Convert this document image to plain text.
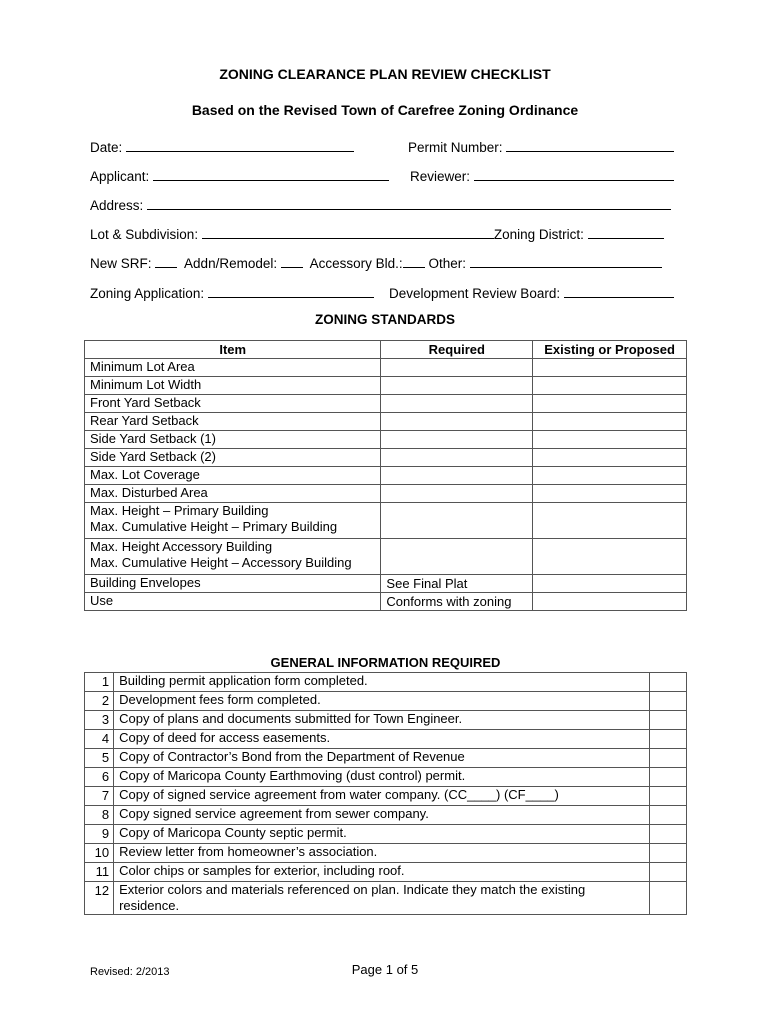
ZONING CLEARANCE PLAN REVIEW CHECKLIST
Based on the Revised Town of Carefree Zoning Ordinance
Date:	Permit Number:
Applicant:	Reviewer:
Address:
Lot & Subdivision:	Zoning District:
New SRF: Addn/Remodel: Accessory Bld.: Other:
Zoning Application:	Development Review Board:
ZONING STANDARDS
Item	Required	Existing or Proposed

Minimum Lot Area		

Minimum Lot Width		

Front Yard Setback		

Rear Yard Setback		

Side Yard Setback (1)		

Side Yard Setback (2)		

Max. Lot Coverage		

Max. Disturbed Area		

Max. Height – Primary Building
Max. Cumulative Height – Primary Building		

Max. Height Accessory Building
Max. Cumulative Height – Accessory Building		

Building Envelopes	See Final Plat	

Use	Conforms with zoning	
GENERAL INFORMATION REQUIRED		
1	Building permit application form completed.	

2	Development fees form completed.	

3	Copy of plans and documents submitted for Town Engineer.	

4	Copy of deed for access easements.	

5	Copy of Contractor’s Bond from the Department of Revenue	

6	Copy of Maricopa County Earthmoving (dust control) permit.	

7	Copy of signed service agreement from water company. (CC____) (CF____)	

8	Copy signed service agreement from sewer company.	

9	Copy of Maricopa County septic permit.	

10	Review letter from homeowner’s association.	

11	Color chips or samples for exterior, including roof.	

12	Exterior colors and materials referenced on plan. Indicate they match the existing
residence.	

Revised: 2/2013	Page 1 of 5
